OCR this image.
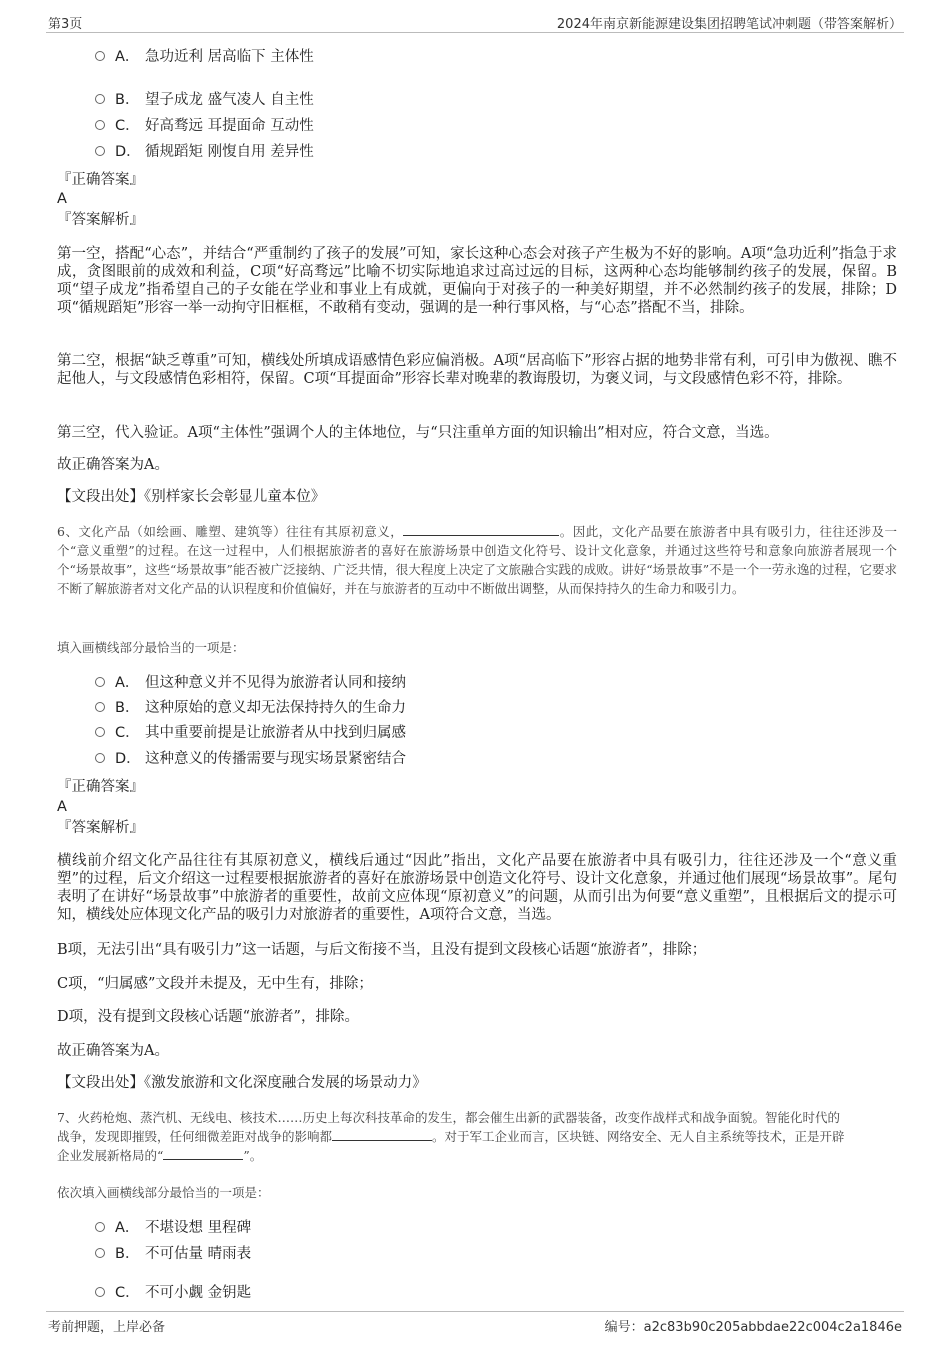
第3页	2024年南京新能源建设集团招聘笔试冲刺题（带答案解析）
A． 急功近利 居高临下 主体性
B． 望子成龙 盛气凌人 自主性
C． 好高骛远 耳提面命 互动性
D． 循规蹈矩 刚愎自用 差异性
『正确答案』
A
『答案解析』
第一空，搭配“心态”，并结合“严重制约了孩子的发展”可知，家长这种心态会对孩子产生极为不好的影响。A项“急功近利”指急于求成，贪图眼前的成效和利益，C项“好高骛远”比喻不切实际地追求过高过远的目标，这两种心态均能够制约孩子的发展，保留。B项“望子成龙”指希望自己的子女能在学业和事业上有成就，更偏向于对孩子的一种美好期望，并不必然制约孩子的发展，排除；D项“循规蹈矩”形容一举一动拘守旧框框，不敢稍有变动，强调的是一种行事风格，与“心态”搭配不当，排除。
第二空，根据“缺乏尊重”可知，横线处所填成语感情色彩应偏消极。A项“居高临下”形容占据的地势非常有利，可引申为傲视、瞧不起他人，与文段感情色彩相符，保留。C项“耳提面命”形容长辈对晚辈的教诲殷切，为褒义词，与文段感情色彩不符，排除。
第三空，代入验证。A项“主体性”强调个人的主体地位，与“只注重单方面的知识输出”相对应，符合文意，当选。
故正确答案为A。
【文段出处】《别样家长会彰显儿童本位》
6、文化产品（如绘画、雕塑、建筑等）往往有其原初意义，	。因此，文化产品要在旅游者中具有吸引力，往往还涉及一个“意义重塑”的过程。在这一过程中，人们根据旅游者的喜好在旅游场景中创造文化符号、设计文化意象，并通过这些符号和意象向旅游者展现一个个“场景故事”，这些“场景故事”能否被广泛接纳、广泛共情，很大程度上决定了文旅融合实践的成败。讲好“场景故事”不是一个一劳永逸的过程，它要求不断了解旅游者对文化产品的认识程度和价值偏好，并在与旅游者的互动中不断做出调整，从而保持持久的生命力和吸引力。
填入画横线部分最恰当的一项是：
A． 但这种意义并不见得为旅游者认同和接纳
B． 这种原始的意义却无法保持持久的生命力
C． 其中重要前提是让旅游者从中找到归属感
D． 这种意义的传播需要与现实场景紧密结合
『正确答案』
A
『答案解析』
横线前介绍文化产品往往有其原初意义，横线后通过“因此”指出，文化产品要在旅游者中具有吸引力，往往还涉及一个“意义重塑”的过程，后文介绍这一过程要根据旅游者的喜好在旅游场景中创造文化符号、设计文化意象，并通过他们展现“场景故事”。尾句表明了在讲好“场景故事”中旅游者的重要性，故前文应体现“原初意义”的问题，从而引出为何要“意义重塑”，且根据后文的提示可知，横线处应体现文化产品的吸引力对旅游者的重要性，A项符合文意，当选。
B项，无法引出“具有吸引力”这一话题，与后文衔接不当，且没有提到文段核心话题“旅游者”，排除；
C项，“归属感”文段并未提及，无中生有，排除；
D项，没有提到文段核心话题“旅游者”，排除。
故正确答案为A。
【文段出处】《激发旅游和文化深度融合发展的场景动力》
7、火药枪炮、蒸汽机、无线电、核技术……历史上每次科技革命的发生，都会催生出新的武器装备，改变作战样式和战争面貌。智能化时代的
战争，发现即摧毁，任何细微差距对战争的影响都	。对于军工企业而言，区块链、网络安全、无人自主系统等技术，正是开辟
企业发展新格局的“	”。
依次填入画横线部分最恰当的一项是：
A． 不堪设想 里程碑
B． 不可估量 晴雨表
C． 不可小觑 金钥匙
考前押题，上岸必备	编号：a2c83b90c205abbdae22c004c2a1846e
